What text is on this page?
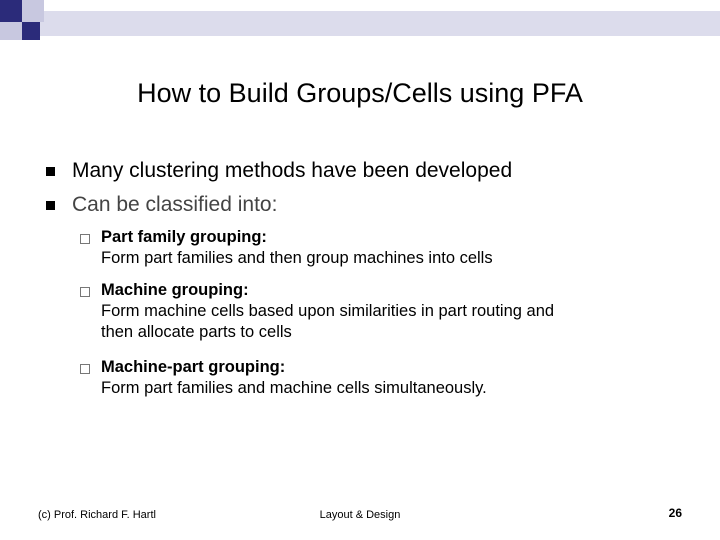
How to Build Groups/Cells using PFA
Many clustering methods have been developed
Can be classified into:
Part family grouping:
Form part families and then group machines into cells
Machine grouping:
Form machine cells based upon similarities in part routing and
then allocate parts to cells
Machine-part grouping:
Form part families and machine cells simultaneously.
(c) Prof. Richard F. Hartl	Layout & Design	26
